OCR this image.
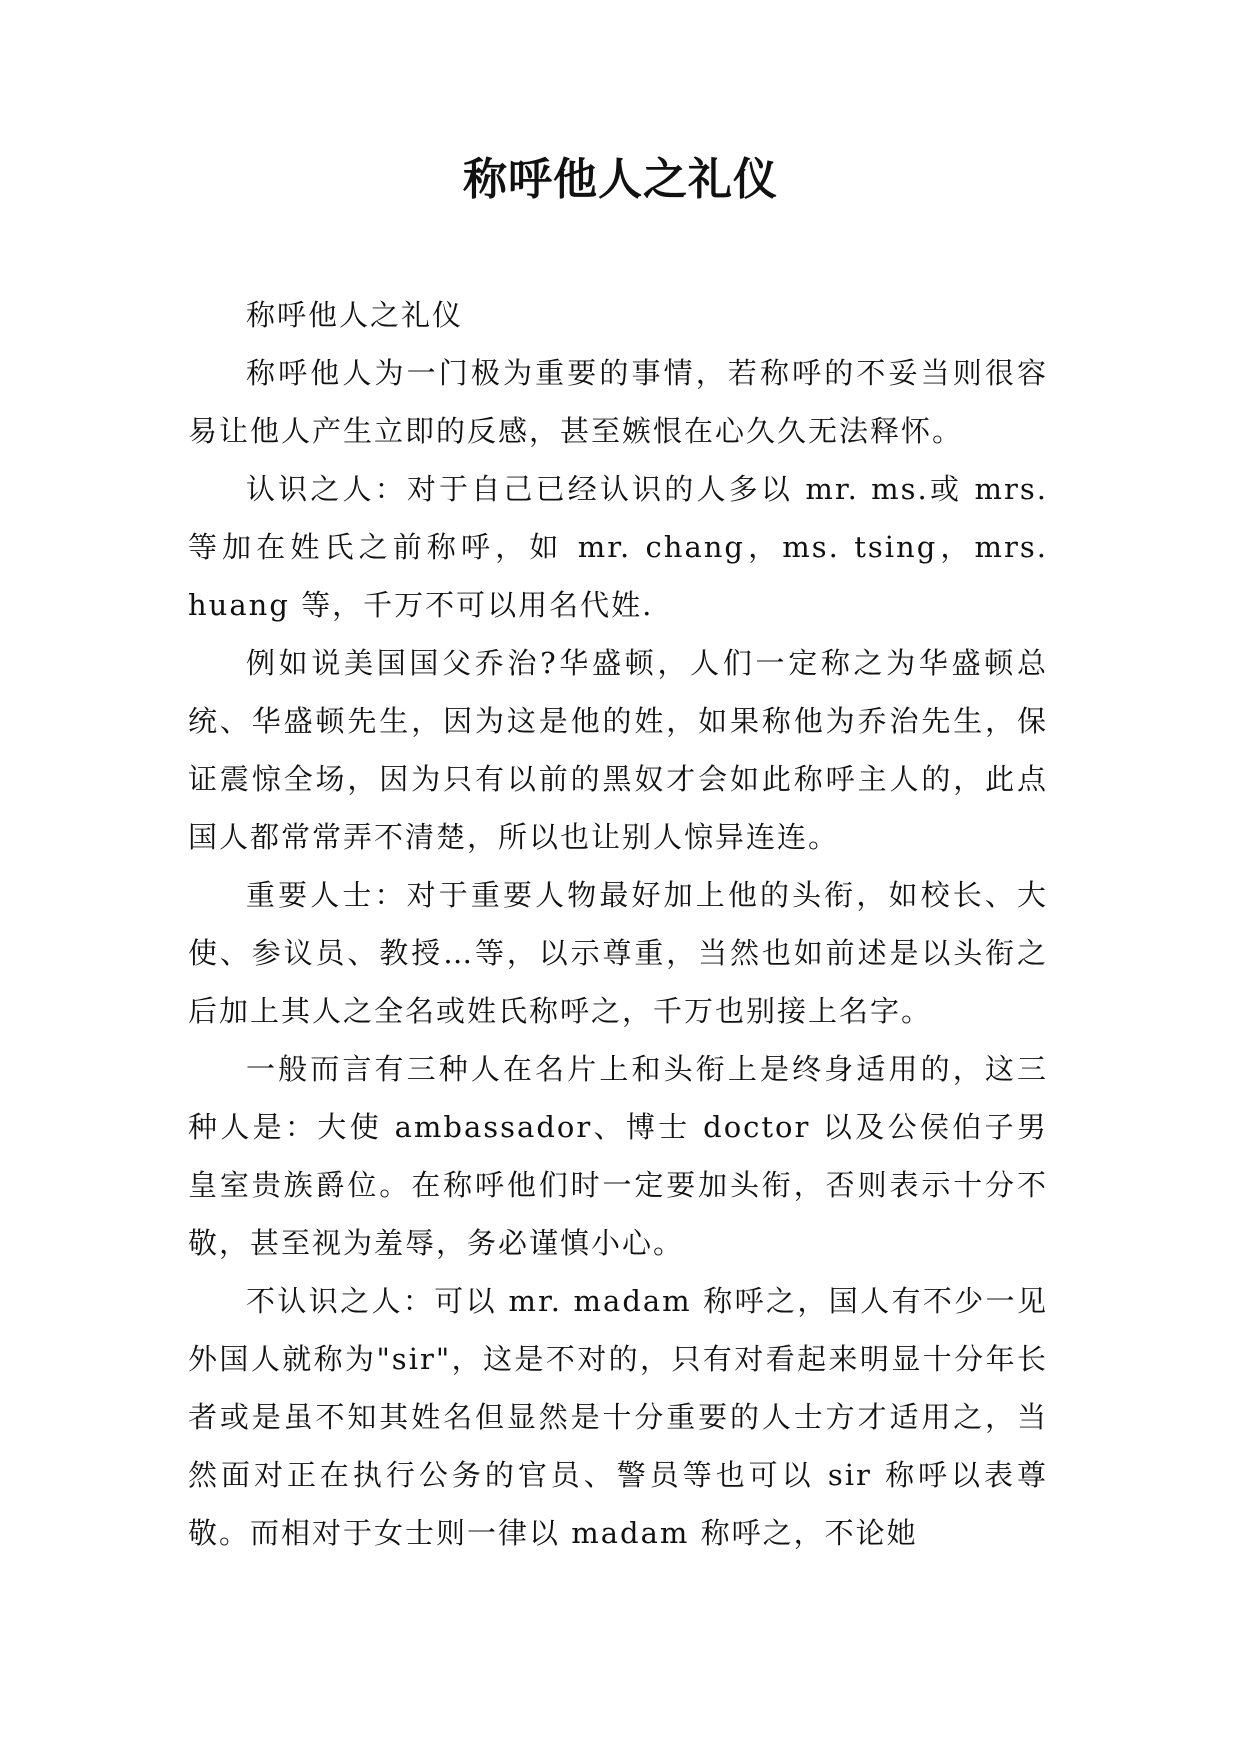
称呼他人之礼仪

称呼他人之礼仪

称呼他人为一门极为重要的事情，若称呼的不妥当则很容易让他人产生立即的反感，甚至嫉恨在心久久无法释怀。

认识之人：对于自己已经认识的人多以 mr. ms.或 mrs.等加在姓氏之前称呼，如 mr. chang，ms. tsing，mrs. huang 等，千万不可以用名代姓.

例如说美国国父乔治?华盛顿，人们一定称之为华盛顿总统、华盛顿先生，因为这是他的姓，如果称他为乔治先生，保证震惊全场，因为只有以前的黑奴才会如此称呼主人的，此点国人都常常弄不清楚，所以也让别人惊异连连。

重要人士：对于重要人物最好加上他的头衔，如校长、大使、参议员、教授…等，以示尊重，当然也如前述是以头衔之后加上其人之全名或姓氏称呼之，千万也别接上名字。

一般而言有三种人在名片上和头衔上是终身适用的，这三种人是：大使 ambassador、博士 doctor 以及公侯伯子男皇室贵族爵位。在称呼他们时一定要加头衔，否则表示十分不敬，甚至视为羞辱，务必谨慎小心。

不认识之人：可以 mr. madam 称呼之，国人有不少一见外国人就称为"sir"，这是不对的，只有对看起来明显十分年长者或是虽不知其姓名但显然是十分重要的人士方才适用之，当然面对正在执行公务的官员、警员等也可以 sir 称呼以表尊敬。而相对于女士则一律以 madam 称呼之，不论她
